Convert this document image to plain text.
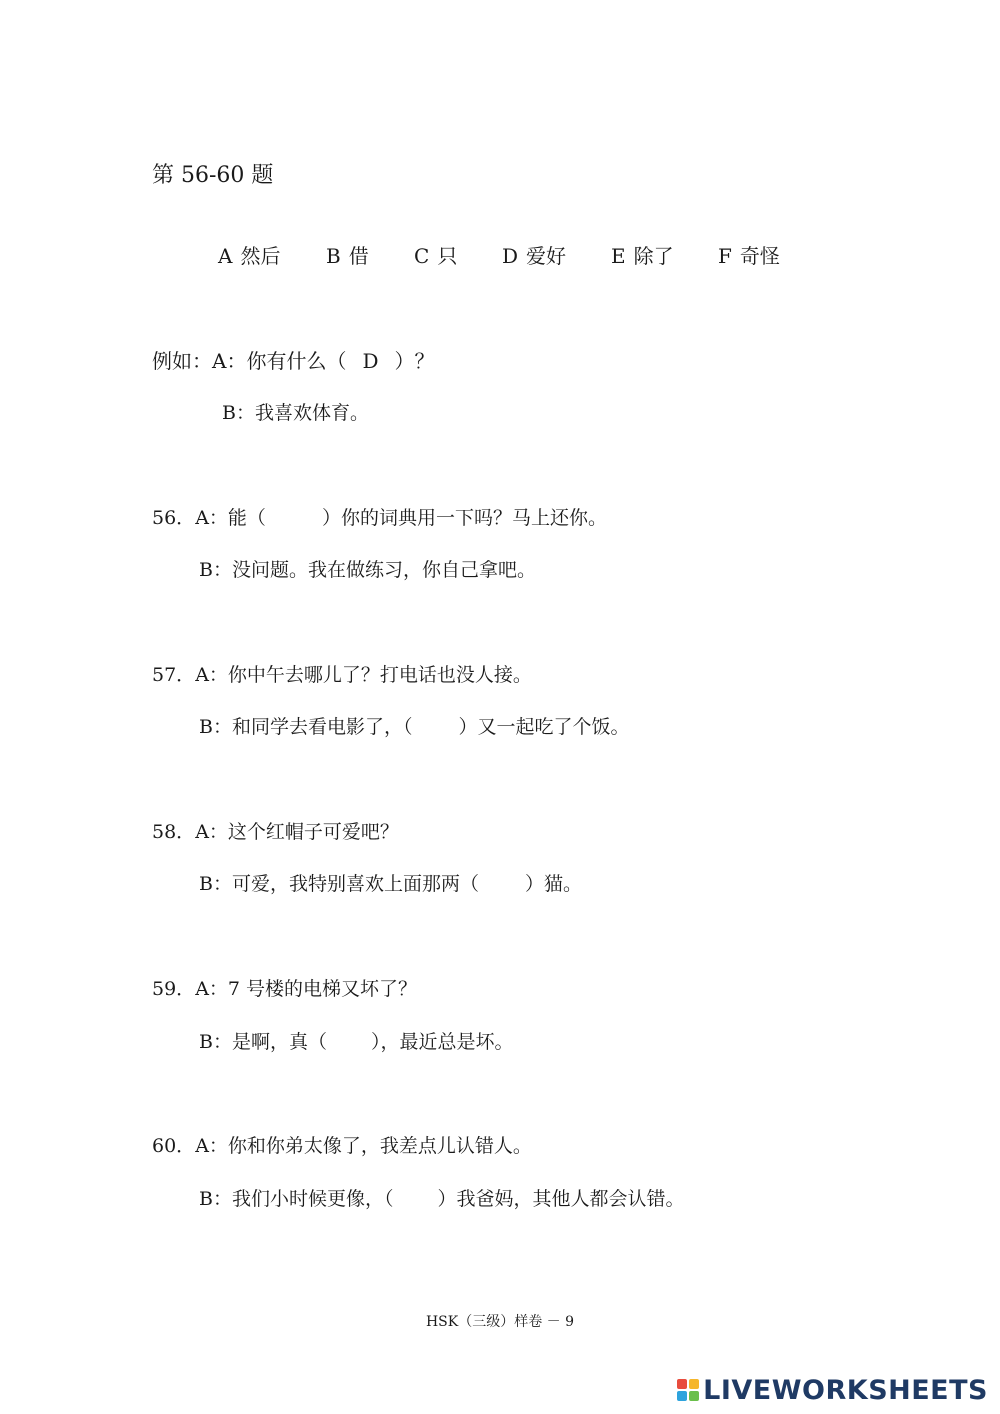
第 56-60 题
A 然后 B 借 C 只 D 爱好 E 除了 F 奇怪
例如：A：你有什么（ D ）？
B：我喜欢体育。
56．A：能（	）你的词典用一下吗？马上还你。
B：没问题。我在做练习，你自己拿吧。
57．A：你中午去哪儿了？打电话也没人接。
B：和同学去看电影了，（ ）又一起吃了个饭。
58．A：这个红帽子可爱吧？
B：可爱，我特别喜欢上面那两（ ）猫。
59．A：7 号楼的电梯又坏了？
B：是啊，真（ ），最近总是坏。
60．A：你和你弟太像了，我差点儿认错人。
B：我们小时候更像，（ ）我爸妈，其他人都会认错。
HSK（三级）样卷 － 9
LIVEWORKSHEETS
